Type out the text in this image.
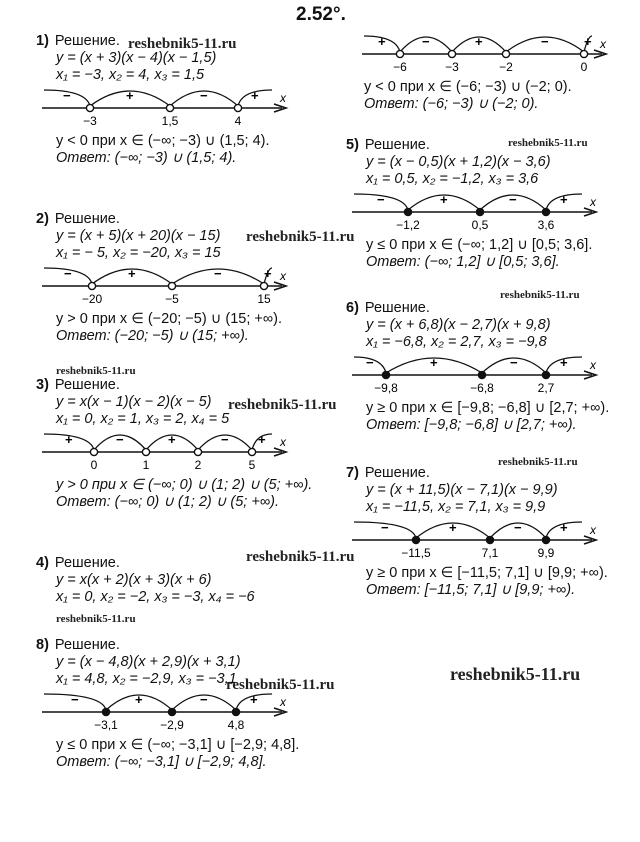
2.52°.
reshebnik5-11.ru
reshebnik5-11.ru
reshebnik5-11.ru
reshebnik5-11.ru
reshebnik5-11.ru
reshebnik5-11.ru
reshebnik5-11.ru
reshebnik5-11.ru
reshebnik5-11.ru
reshebnik5-11.ru
reshebnik5-11.ru
1) Решение.
y = (x + 3)(x − 4)(x − 1,5)
x₁ = −3, x₂ = 4, x₃ = 1,5
x
−	+	−	+
−3	1,5	4
y < 0 при x ∈ (−∞; −3) ∪ (1,5; 4).
Ответ: (−∞; −3) ∪ (1,5; 4).
2) Решение.
y = (x + 5)(x + 20)(x − 15)
x₁ = − 5, x₂ = −20, x₃ = 15
x
−	+	−	+
−20	−5	15
y > 0 при x ∈ (−20; −5) ∪ (15; +∞).
Ответ: (−20; −5) ∪ (15; +∞).
3) Решение.
y = x(x − 1)(x − 2)(x − 5)
x₁ = 0, x₂ = 1, x₃ = 2, x₄ = 5
x
+	−	+	− +
0	1	2	5
y > 0 при x ∈ (−∞; 0) ∪ (1; 2) ∪ (5; +∞).
Ответ: (−∞; 0) ∪ (1; 2) ∪ (5; +∞).
4) Решение.
y = x(x + 2)(x + 3)(x + 6)
x₁ = 0, x₂ = −2, x₃ = −3, x₄ = −6
x
+	−	+	−	+
−6	−3	−2	0
y < 0 при x ∈ (−6; −3) ∪ (−2; 0).
Ответ: (−6; −3) ∪ (−2; 0).
5) Решение.
y = (x − 0,5)(x + 1,2)(x − 3,6)
x₁ = 0,5, x₂ = −1,2, x₃ = 3,6
x
−	+	−	+
−1,2	0,5	3,6
y ≤ 0 при x ∈ (−∞; 1,2] ∪ [0,5; 3,6].
Ответ: (−∞; 1,2] ∪ [0,5; 3,6].
6) Решение.
y = (x + 6,8)(x − 2,7)(x + 9,8)
x₁ = −6,8, x₂ = 2,7, x₃ = −9,8
x
−	+	−	+
−9,8	−6,8	2,7
y ≥ 0 при x ∈ [−9,8; −6,8] ∪ [2,7; +∞).
Ответ: [−9,8; −6,8] ∪ [2,7; +∞).
7) Решение.
y = (x + 11,5)(x − 7,1)(x − 9,9)
x₁ = −11,5, x₂ = 7,1, x₃ = 9,9
x
−	+	−	+
−11,5	7,1	9,9
y ≥ 0 при x ∈ [−11,5; 7,1] ∪ [9,9; +∞).
Ответ: [−11,5; 7,1] ∪ [9,9; +∞).
8) Решение.
y = (x − 4,8)(x + 2,9)(x + 3,1)
x₁ = 4,8, x₂ = −2,9, x₃ = −3,1
x
−	+	−	+
−3,1	−2,9	4,8
y ≤ 0 при x ∈ (−∞; −3,1] ∪ [−2,9; 4,8].
Ответ: (−∞; −3,1] ∪ [−2,9; 4,8].
